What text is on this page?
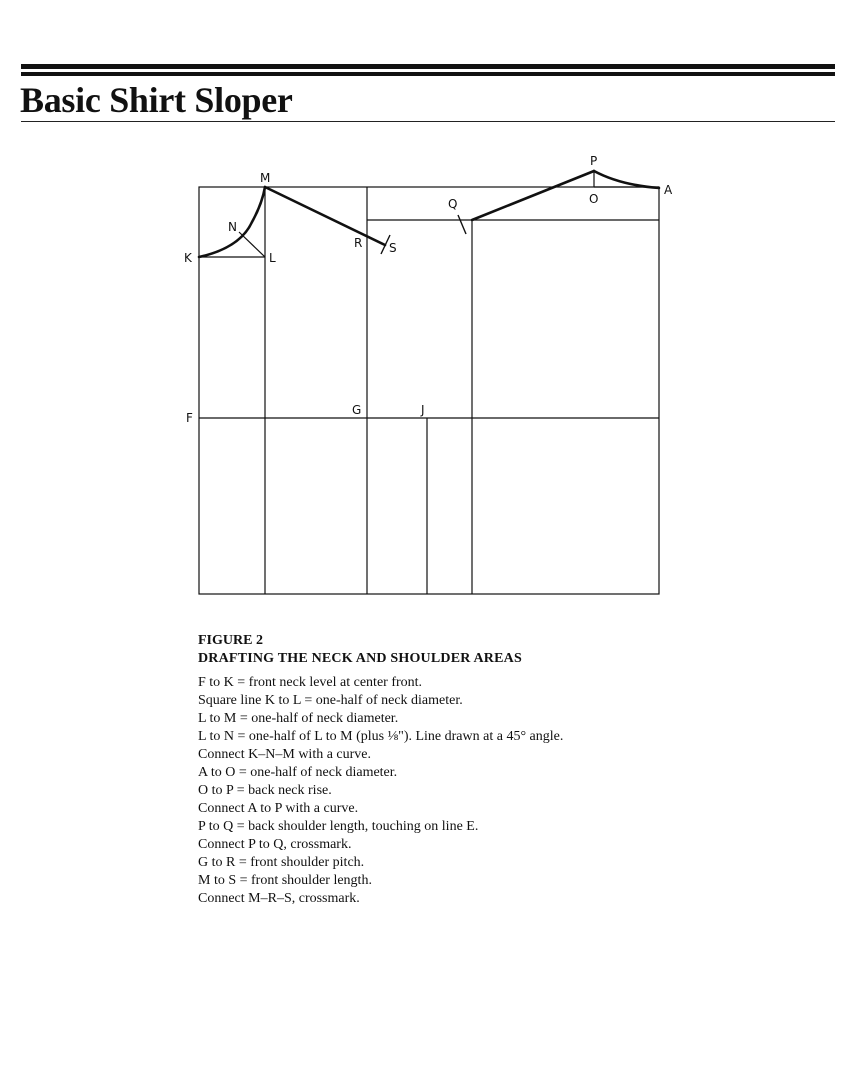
Basic Shirt Sloper
M
N
K	L
R S
Q
P
O
A
F
G	J

FIGURE 2

DRAFTING THE NECK AND SHOULDER AREAS

F to K = front neck level at center front.
Square line K to L = one-half of neck diameter.
L to M = one-half of neck diameter.
L to N = one-half of L to M (plus ⅛"). Line drawn at a 45° angle.
Connect K–N–M with a curve.
A to O = one-half of neck diameter.
O to P = back neck rise.
Connect A to P with a curve.
P to Q = back shoulder length, touching on line E.
Connect P to Q, crossmark.
G to R = front shoulder pitch.
M to S = front shoulder length.
Connect M–R–S, crossmark.
